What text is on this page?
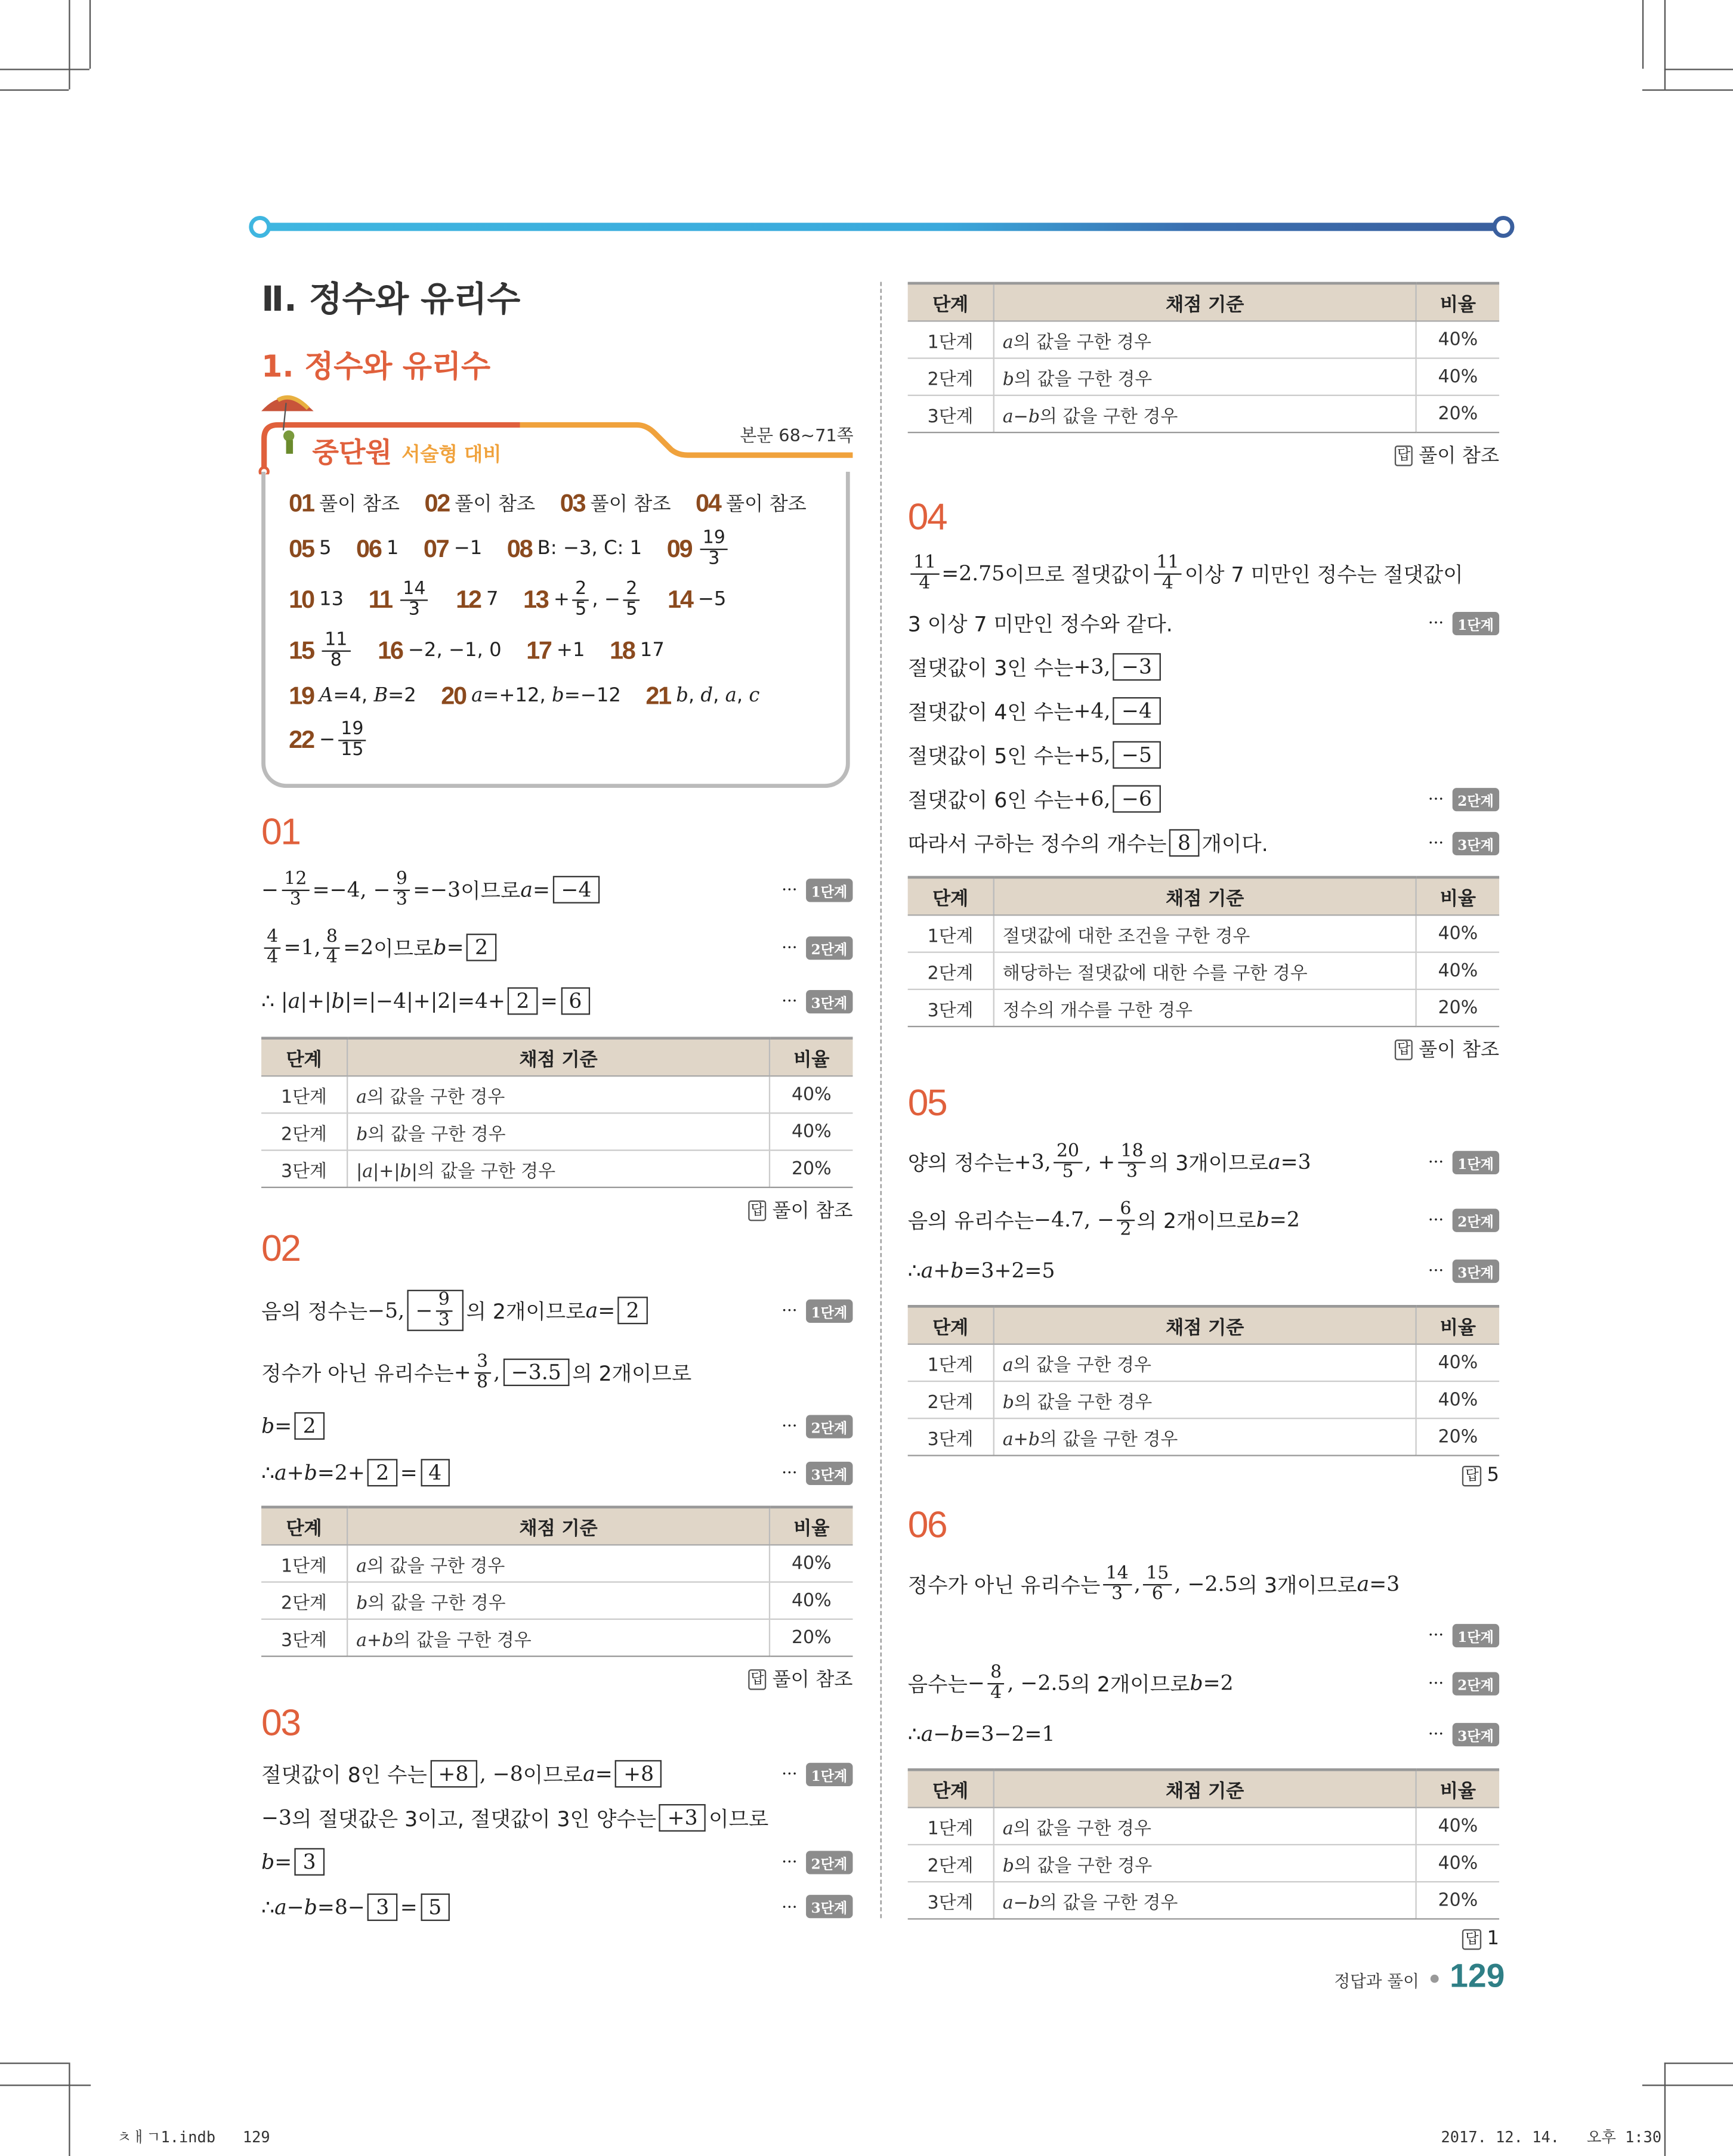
Ⅱ. 정수와 유리수
1. 정수와 유리수
중단원 서술형 대비
본문 68~71쪽
01 풀이 참조 02 풀이 참조 03 풀이 참조 04 풀이 참조
05 5 06 1 07 −1 08 B: −3, C: 1 $09 \frac{19}{3}$
10 13 $11 \frac{14}{3}$	12 7 $13 + \frac{2}{5}$ , − $\frac{2}{5}$	14 −5
$15 \frac{11}{8}$	16 −2, −1, 0 17 +1 18 17
19 A=4, B=2 20 a=+12, b=−12 21 b, d, a, c
$22 - \frac{19}{15}$
01
− $\frac{12}{3} =-4$, − $\frac{9}{3} =-3$ 이므로 a = −4	···	1단계
$\frac{4}{4} =1$, $\frac{8}{4} =2$ 이므로 b = 2	···	2단계
∴ | a |+| b |=|−4|+|2|=4+ 2 = 6	···	3단계
단계	채점 기준	비율
1단계	a의 값을 구한 경우	40%
2단계	b의 값을 구한 경우	40%
3단계	|a|+|b|의 값을 구한 경우	20%
답 풀이 참조
02
음의 정수는 −5, − $\frac{9}{3}$ 의 2개이므로 a = 2	···	1단계
정수가 아닌 유리수는 + $\frac{3}{8}$ , −3.5 의 2개이므로
b = 2	···	2단계
∴ a + b =2+ 2 = 4	···	3단계
단계	채점 기준	비율
1단계	a의 값을 구한 경우	40%
2단계	b의 값을 구한 경우	40%
3단계	a+b의 값을 구한 경우	20%
답 풀이 참조
03
절댓값이 8인 수는 +8 , −8 이므로 a = +8	···	1단계
−3 의 절댓값은 3이고, 절댓값이 3인 양수는 +3 이므로
b = 3	···	2단계
∴ a − b =8− 3 = 5	···	3단계
단계	채점 기준	비율
1단계	a의 값을 구한 경우	40%
2단계	b의 값을 구한 경우	40%
3단계	a−b의 값을 구한 경우	20%
답 풀이 참조
04
$\frac{11}{4} =2.75$ 이므로 절댓값이 $\frac{11}{4}$ 이상 7 미만인 정수는 절댓값이
3 이상 7 미만인 정수와 같다.	···	1단계
절댓값이 3인 수는 +3, −3
절댓값이 4인 수는 +4, −4
절댓값이 5인 수는 +5, −5
절댓값이 6인 수는 +6, −6	···	2단계
따라서 구하는 정수의 개수는 8 개이다.	···	3단계
단계	채점 기준	비율
1단계	절댓값에 대한 조건을 구한 경우	40%
2단계	해당하는 절댓값에 대한 수를 구한 경우	40%
3단계	정수의 개수를 구한 경우	20%
답 풀이 참조
05
양의 정수는 +3, $\frac{20}{5}$ , + $\frac{18}{3}$ 의 3개이므로 a =3	···	1단계
음의 유리수는 −4.7, − $\frac{6}{2}$ 의 2개이므로 b =2	···	2단계
∴ a + b =3+2=5	···	3단계
단계	채점 기준	비율
1단계	a의 값을 구한 경우	40%
2단계	b의 값을 구한 경우	40%
3단계	a+b의 값을 구한 경우	20%
답 5
06
정수가 아닌 유리수는 $\frac{14}{3}$ , $\frac{15}{6}$ , −2.5 의 3개이므로 a =3
···	1단계
음수는 − $\frac{8}{4}$ , −2.5 의 2개이므로 b =2	···	2단계
∴ a − b =3−2=1	···	3단계
단계	채점 기준	비율
1단계	a의 값을 구한 경우	40%
2단계	b의 값을 구한 경우	40%
3단계	a−b의 값을 구한 경우	20%
답 1
정답과 풀이 129
ㅊㅐㄱ1.indb   129	2017. 12. 14.   오후 1:30
